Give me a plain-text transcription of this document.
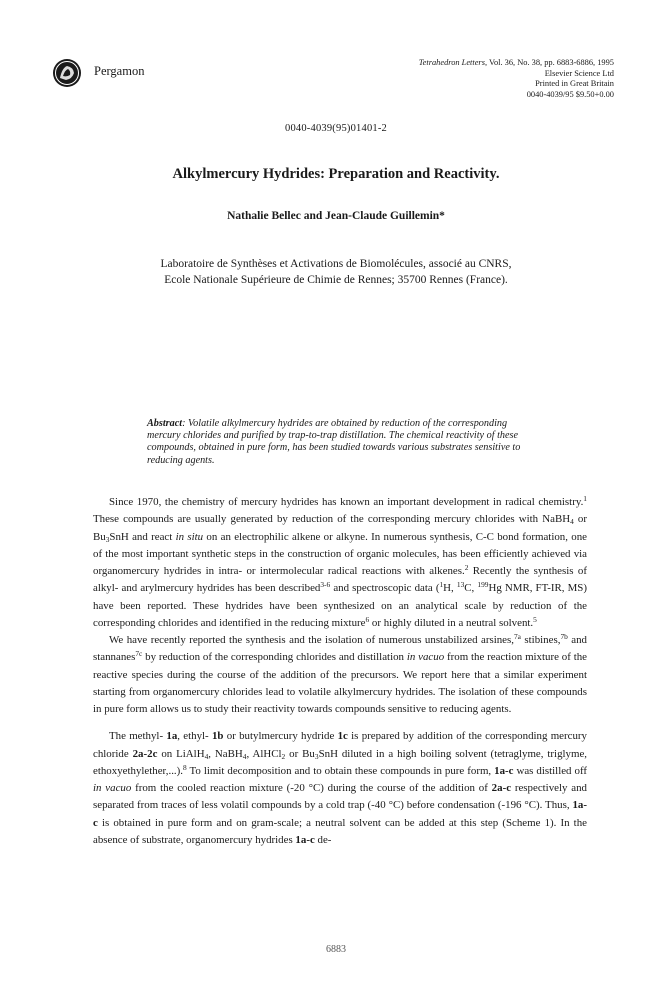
Pergamon
Tetrahedron Letters, Vol. 36, No. 38, pp. 6883-6886, 1995
Elsevier Science Ltd
Printed in Great Britain
0040-4039/95 $9.50+0.00
0040-4039(95)01401-2
Alkylmercury Hydrides: Preparation and Reactivity.
Nathalie Bellec and Jean-Claude Guillemin*
Laboratoire de Synthèses et Activations de Biomolécules, associé au CNRS,
Ecole Nationale Supérieure de Chimie de Rennes; 35700 Rennes (France).
Abstract: Volatile alkylmercury hydrides are obtained by reduction of the corresponding mercury chlorides and purified by trap-to-trap distillation. The chemical reactivity of these compounds, obtained in pure form, has been studied towards various substrates sensitive to reducing agents.

Since 1970, the chemistry of mercury hydrides has known an important development in radical chemistry.$^1$ These compounds are usually generated by reduction of the corresponding mercury chlorides with NaBH$_4$ or $Bu_3SnH$ and react in situ on an electrophilic alkene or alkyne. In numerous synthesis, C-C bond formation, one of the most important synthetic steps in the construction of organic molecules, has been efficiently achieved via organomercury hydrides in intra- or intermolecular radical reactions with alkenes.$^2$ Recently the synthesis of alkyl- and arylmercury hydrides has been described$^{3-6}$ and spectroscopic data ($^1$H, $^{13}$C, $^{199}$Hg NMR, FT-IR, MS) have been reported. These hydrides have been synthesized on an analytical scale by reduction of the corresponding chlorides and identified in the reducing mixture$^6$ or highly diluted in a neutral solvent.$^5$

We have recently reported the synthesis and the isolation of numerous unstabilized arsines,$^{7a}$ stibines,$^{7b}$ and stannanes$^{7c}$ by reduction of the corresponding chlorides and distillation in vacuo from the reaction mixture of the reactive species during the course of the addition of the precursors. We report here that a similar experiment starting from organomercury chlorides lead to volatile alkylmercury hydrides. The isolation of these compounds in pure form allows us to study their reactivity towards compounds sensitive to reducing agents.

The methyl- 1a, ethyl- 1b or butylmercury hydride 1c is prepared by addition of the corresponding mercury chloride 2a-2c on LiAlH$_4$, NaBH$_4$, AlHCl$_2$ or $Bu_3SnH$ diluted in a high boiling solvent (tetraglyme, triglyme, ethoxyethylether,...).$^8$ To limit decomposition and to obtain these compounds in pure form, 1a-c was distilled off in vacuo from the cooled reaction mixture (-20 °C) during the course of the addition of 2a-c respectively and separated from traces of less volatil compounds by a cold trap (-40 °C) before condensation (-196 °C). Thus, 1a-c is obtained in pure form and on gram-scale; a neutral solvent can be added at this step (Scheme 1). In the absence of substrate, organomercury hydrides 1a-c de-

6883
